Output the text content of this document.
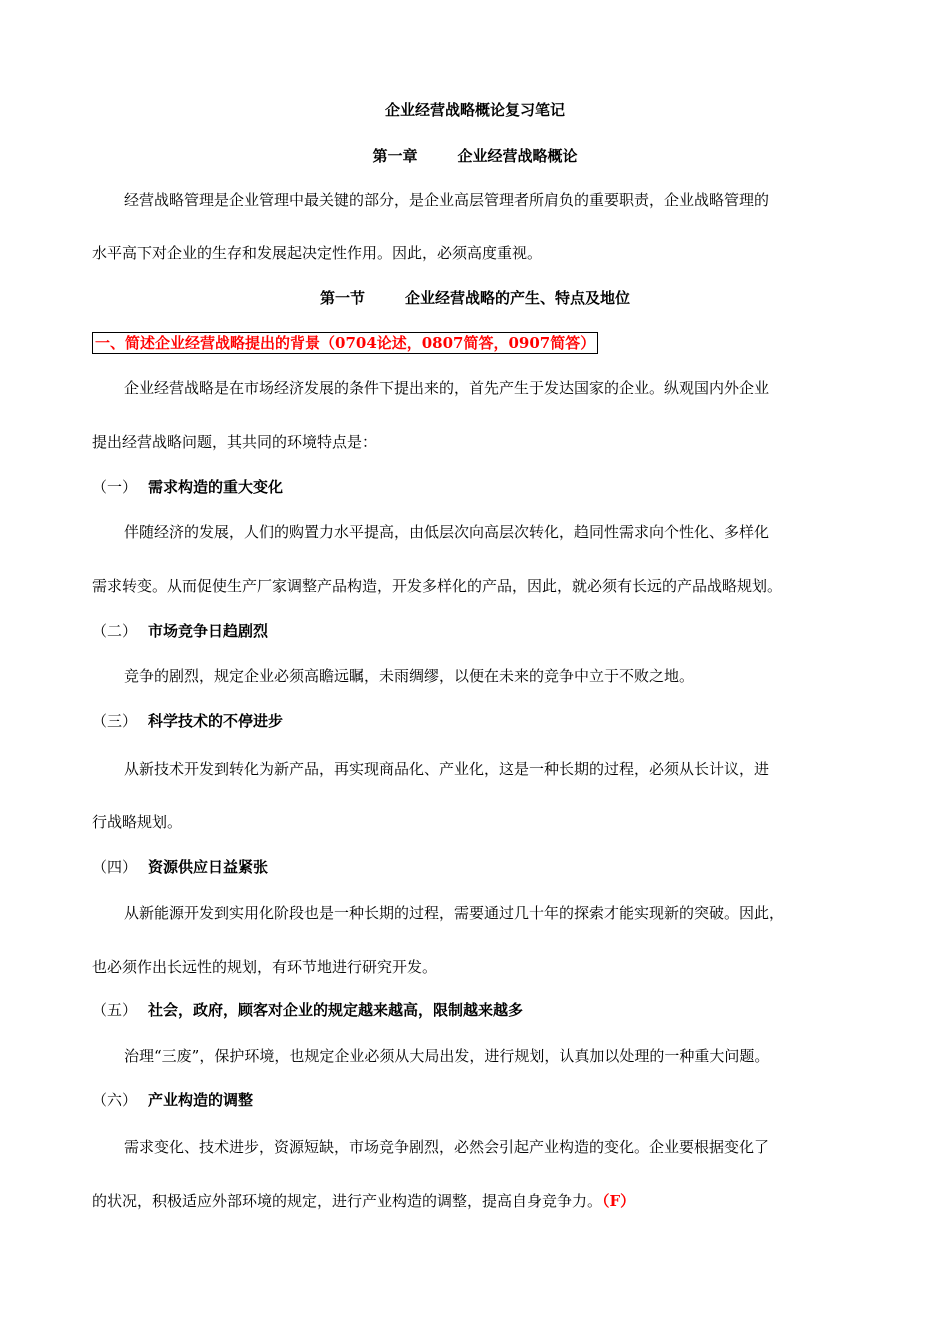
企业经营战略概论复习笔记
第一章	企业经营战略概论
经营战略管理是企业管理中最关键的部分，是企业高层管理者所肩负的重要职责，企业战略管理的
水平高下对企业的生存和发展起决定性作用。因此，必须高度重视。
第一节	企业经营战略的产生、特点及地位
一、简述企业经营战略提出的背景（0704论述，0807简答，0907简答）
企业经营战略是在市场经济发展的条件下提出来的，首先产生于发达国家的企业。纵观国内外企业
提出经营战略问题，其共同的环境特点是：
（一） 需求构造的重大变化
伴随经济的发展，人们的购置力水平提高，由低层次向高层次转化，趋同性需求向个性化、多样化
需求转变。从而促使生产厂家调整产品构造，开发多样化的产品，因此，就必须有长远的产品战略规划。
（二） 市场竞争日趋剧烈
竞争的剧烈，规定企业必须高瞻远瞩，未雨绸缪，以便在未来的竞争中立于不败之地。
（三） 科学技术的不停进步
从新技术开发到转化为新产品，再实现商品化、产业化，这是一种长期的过程，必须从长计议，进
行战略规划。
（四） 资源供应日益紧张
从新能源开发到实用化阶段也是一种长期的过程，需要通过几十年的探索才能实现新的突破。因此，
也必须作出长远性的规划，有环节地进行研究开发。
（五） 社会，政府，顾客对企业的规定越来越高，限制越来越多
治理“三废”，保护环境，也规定企业必须从大局出发，进行规划，认真加以处理的一种重大问题。
（六） 产业构造的调整
需求变化、技术进步，资源短缺，市场竞争剧烈，必然会引起产业构造的变化。企业要根据变化了
的状况，积极适应外部环境的规定，进行产业构造的调整，提高自身竞争力。（F）
